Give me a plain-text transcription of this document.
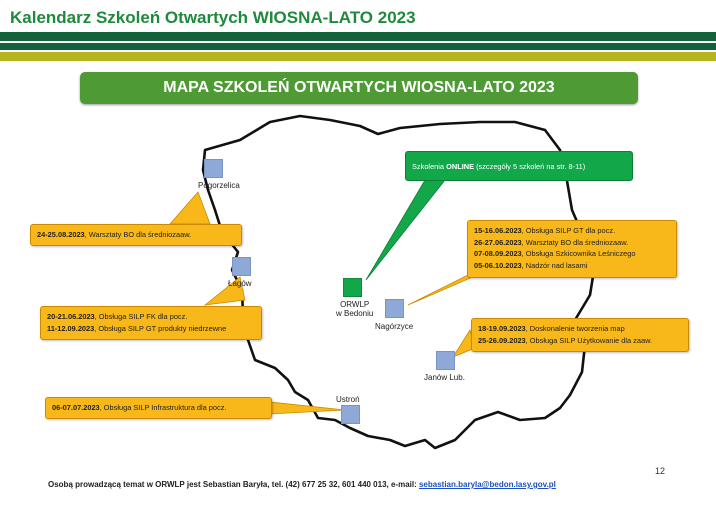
Kalendarz Szkoleń Otwartych WIOSNA-LATO 2023
MAPA SZKOLEŃ OTWARTYCH WIOSNA-LATO 2023
Pogorzelica
Łagów
ORWLP
w Bedoniu
Nagórzyce
Janów Lub.
Ustroń
Szkolenia ONLINE (szczegóły 5 szkoleń na str. 8-11)
24-25.08.2023, Warsztaty BO dla średniozaaw.
20-21.06.2023, Obsługa SILP FK dla pocz.
11-12.09.2023, Obsługa SILP GT produkty niedrzewne
15-16.06.2023, Obsługa SILP GT dla pocz.
26-27.06.2023, Warsztaty BO dla średniozaaw.
07-08.09.2023, Obsługa Szkicownika Leśniczego
05-06.10.2023, Nadzór nad lasami
18-19.09.2023, Doskonalenie tworzenia map
25-26.09.2023, Obsługa SILP Użytkowanie dla zaaw.
06-07.07.2023, Obsługa SILP Infrastruktura dla pocz.
12
Osobą prowadzącą temat w ORWLP jest Sebastian Baryła, tel. (42) 677 25 32, 601 440 013, e-mail: sebastian.baryla@bedon.lasy.gov.pl
